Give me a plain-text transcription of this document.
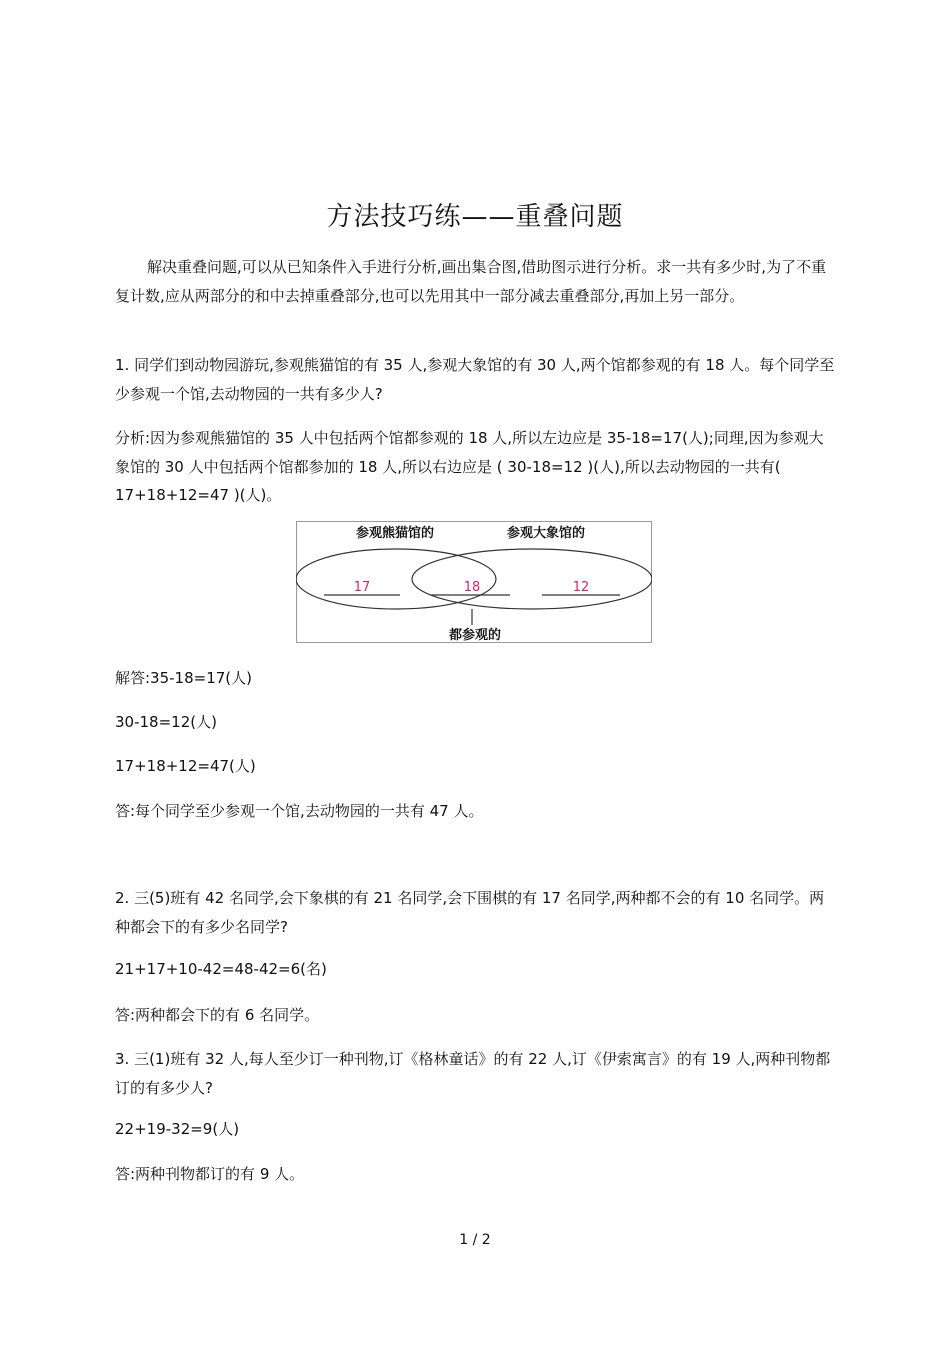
方法技巧练——重叠问题

解决重叠问题,可以从已知条件入手进行分析,画出集合图,借助图示进行分析。求一共有多少时,为了不重复计数,应从两部分的和中去掉重叠部分,也可以先用其中一部分减去重叠部分,再加上另一部分。

1. 同学们到动物园游玩,参观熊猫馆的有 35 人,参观大象馆的有 30 人,两个馆都参观的有 18 人。每个同学至少参观一个馆,去动物园的一共有多少人?

分析:因为参观熊猫馆的 35 人中包括两个馆都参观的 18 人,所以左边应是 35-18=17(人);同理,因为参观大象馆的 30 人中包括两个馆都参加的 18 人,所以右边应是 ( 30-18=12 )(人),所以去动物园的一共有( 17+18+12=47 )(人)。

参观熊猫馆的	参观大象馆的
17	18	12
都参观的

解答:35-18=17(人)

30-18=12(人)

17+18+12=47(人)

答:每个同学至少参观一个馆,去动物园的一共有 47 人。

2. 三(5)班有 42 名同学,会下象棋的有 21 名同学,会下围棋的有 17 名同学,两种都不会的有 10 名同学。两种都会下的有多少名同学?

21+17+10-42=48-42=6(名)

答:两种都会下的有 6 名同学。

3. 三(1)班有 32 人,每人至少订一种刊物,订《格林童话》的有 22 人,订《伊索寓言》的有 19 人,两种刊物都订的有多少人?

22+19-32=9(人)

答:两种刊物都订的有 9 人。

1 / 2
